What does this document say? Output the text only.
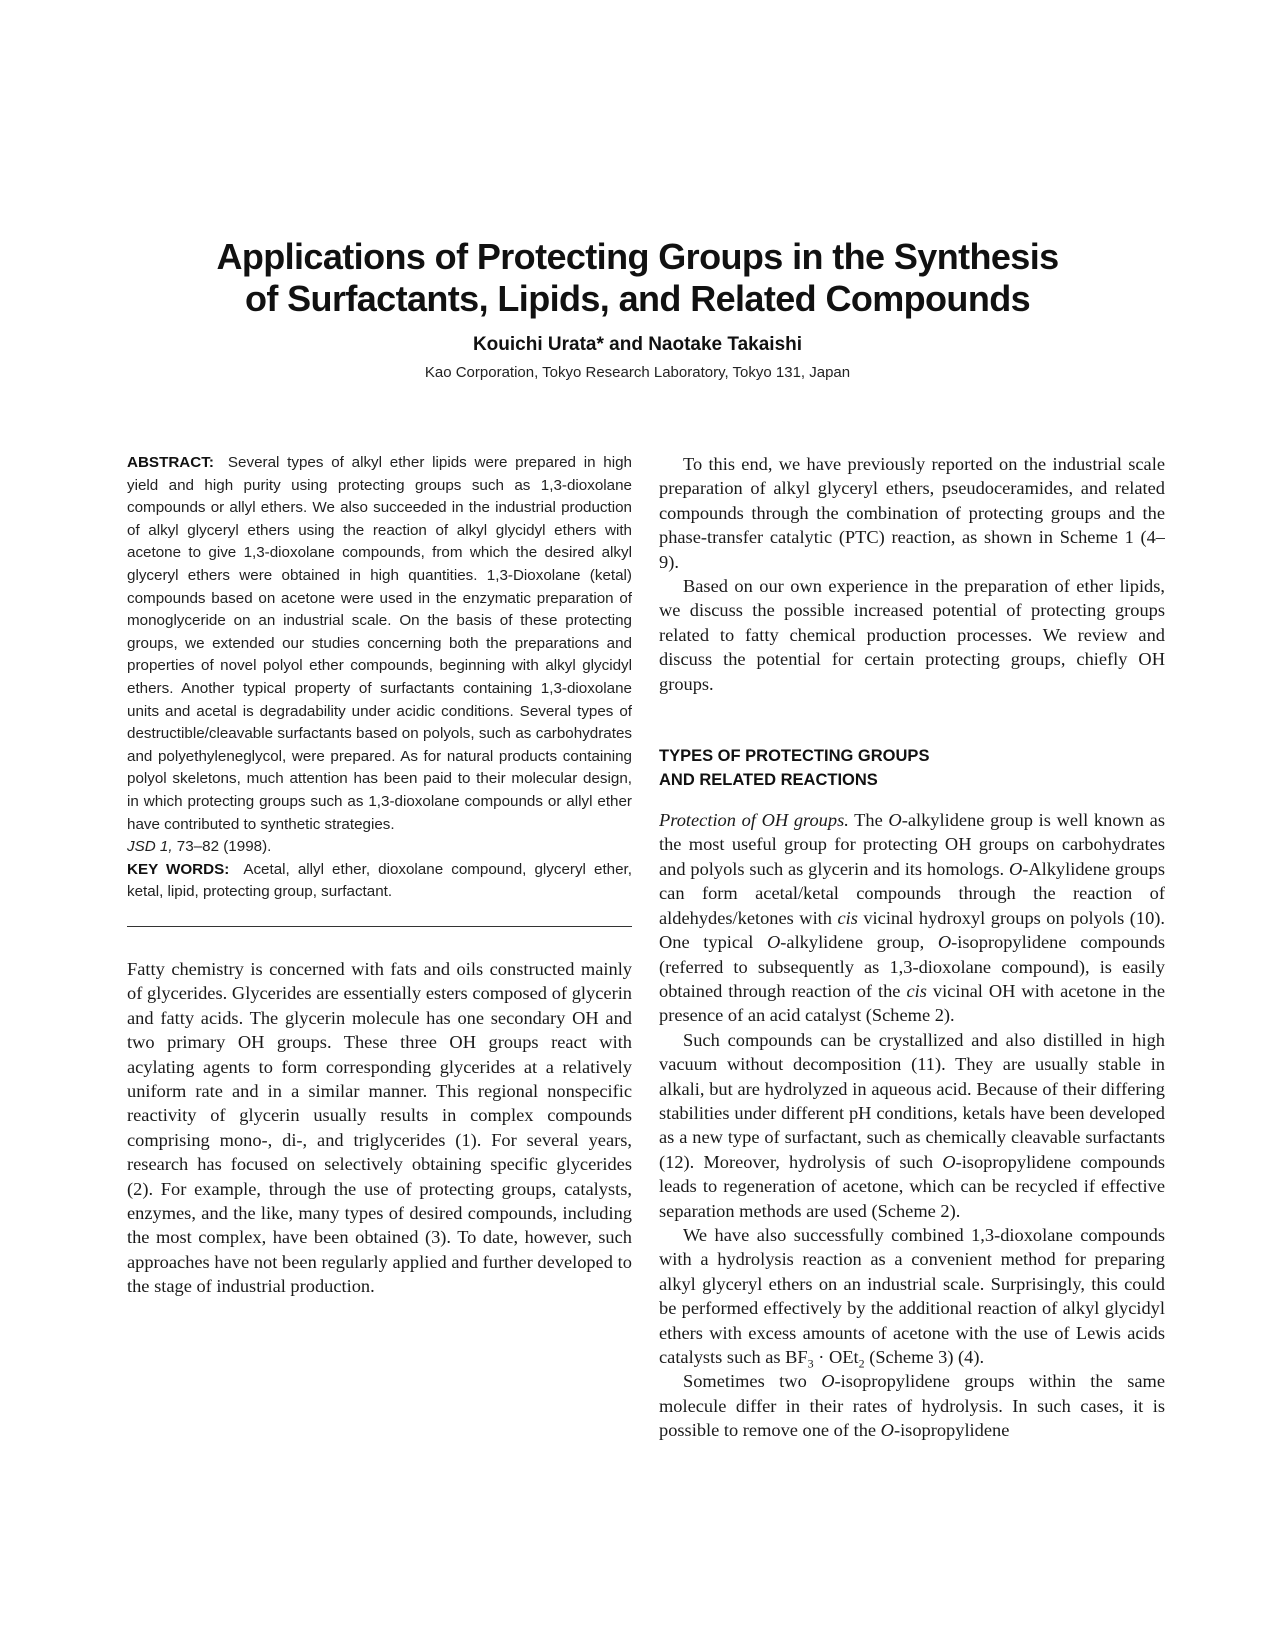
Applications of Protecting Groups in the Synthesis
of Surfactants, Lipids, and Related Compounds
Kouichi Urata* and Naotake Takaishi
Kao Corporation, Tokyo Research Laboratory, Tokyo 131, Japan

ABSTRACT: Several types of alkyl ether lipids were prepared in high yield and high purity using protecting groups such as 1,3-dioxolane compounds or allyl ethers. We also succeeded in the industrial production of alkyl glyceryl ethers using the reaction of alkyl glycidyl ethers with acetone to give 1,3-dioxolane compounds, from which the desired alkyl glyceryl ethers were obtained in high quantities. 1,3-Dioxolane (ketal) compounds based on acetone were used in the enzymatic preparation of monoglyceride on an industrial scale. On the basis of these protecting groups, we extended our studies concerning both the preparations and properties of novel polyol ether compounds, beginning with alkyl glycidyl ethers. Another typical property of surfactants containing 1,3-dioxolane units and acetal is degradability under acidic conditions. Several types of destructible/cleavable surfactants based on polyols, such as carbohydrates and polyethyleneglycol, were prepared. As for natural products containing polyol skeletons, much attention has been paid to their molecular design, in which protecting groups such as 1,3-dioxolane compounds or allyl ether have contributed to synthetic strategies.
JSD 1, 73–82 (1998).

KEY WORDS: Acetal, allyl ether, dioxolane compound, glyceryl ether, ketal, lipid, protecting group, surfactant.

Fatty chemistry is concerned with fats and oils constructed mainly of glycerides. Glycerides are essentially esters composed of glycerin and fatty acids. The glycerin molecule has one secondary OH and two primary OH groups. These three OH groups react with acylating agents to form corresponding glycerides at a relatively uniform rate and in a similar manner. This regional nonspecific reactivity of glycerin usually results in complex compounds comprising mono-, di-, and triglycerides (1). For several years, research has focused on selectively obtaining specific glycerides (2). For example, through the use of protecting groups, catalysts, enzymes, and the like, many types of desired compounds, including the most complex, have been obtained (3). To date, however, such approaches have not been regularly applied and further developed to the stage of industrial production.

To this end, we have previously reported on the industrial scale preparation of alkyl glyceryl ethers, pseudoceramides, and related compounds through the combination of protecting groups and the phase-transfer catalytic (PTC) reaction, as shown in Scheme 1 (4–9).

Based on our own experience in the preparation of ether lipids, we discuss the possible increased potential of protecting groups related to fatty chemical production processes. We review and discuss the potential for certain protecting groups, chiefly OH groups.

TYPES OF PROTECTING GROUPS
AND RELATED REACTIONS

Protection of OH groups. The O-alkylidene group is well known as the most useful group for protecting OH groups on carbohydrates and polyols such as glycerin and its homologs. O-Alkylidene groups can form acetal/ketal compounds through the reaction of aldehydes/ketones with cis vicinal hydroxyl groups on polyols (10). One typical O-alkylidene group, O-isopropylidene compounds (referred to subsequently as 1,3-dioxolane compound), is easily obtained through reaction of the cis vicinal OH with acetone in the presence of an acid catalyst (Scheme 2).

Such compounds can be crystallized and also distilled in high vacuum without decomposition (11). They are usually stable in alkali, but are hydrolyzed in aqueous acid. Because of their differing stabilities under different pH conditions, ketals have been developed as a new type of surfactant, such as chemically cleavable surfactants (12). Moreover, hydrolysis of such O-isopropylidene compounds leads to regeneration of acetone, which can be recycled if effective separation methods are used (Scheme 2).

We have also successfully combined 1,3-dioxolane compounds with a hydrolysis reaction as a convenient method for preparing alkyl glyceryl ethers on an industrial scale. Surprisingly, this could be performed effectively by the additional reaction of alkyl glycidyl ethers with excess amounts of acetone with the use of Lewis acids catalysts such as $BF_3 \cdot OEt_2$ (Scheme 3) (4).

Sometimes two O-isopropylidene groups within the same molecule differ in their rates of hydrolysis. In such cases, it is possible to remove one of the O-isopropylidene
